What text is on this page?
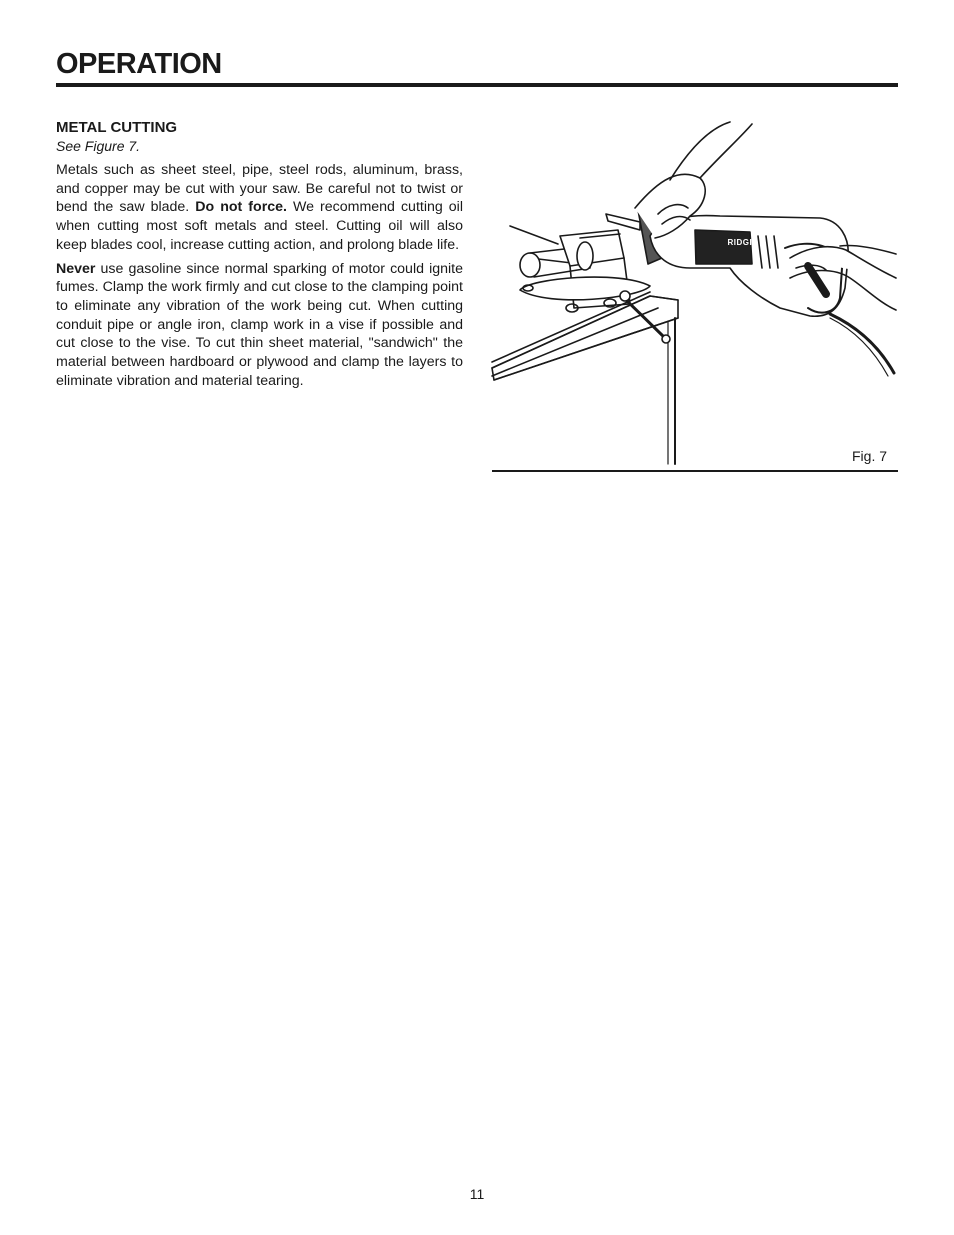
OPERATION
METAL CUTTING
See Figure 7.

Metals such as sheet steel, pipe, steel rods, aluminum, brass, and copper may be cut with your saw. Be careful not to twist or bend the saw blade. Do not force. We recommend cutting oil when cutting most soft metals and steel. Cutting oil will also keep blades cool, increase cutting action, and prolong blade life.

Never use gasoline since normal sparking of motor could ignite fumes. Clamp the work firmly and cut close to the clamping point to eliminate any vibration of the work being cut. When cutting conduit pipe or angle iron, clamp work in a vise if possible and cut close to the vise. To cut thin sheet material, "sandwich" the material between hardboard or plywood and clamp the layers to eliminate vibration and material tearing.

RIDGID
Fig. 7
11
